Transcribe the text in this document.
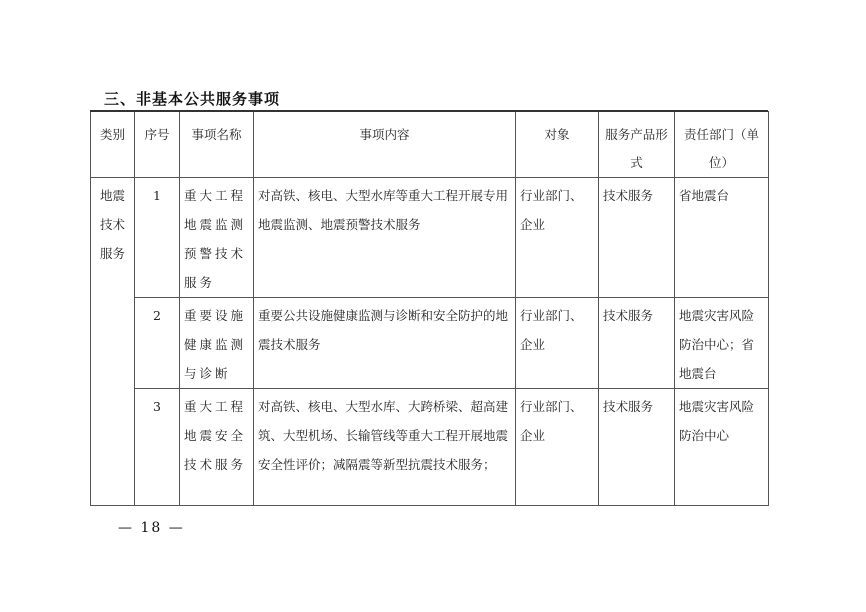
三、非基本公共服务事项
类别	序号	事项名称	事项内容	对象	服务产品形式	责任部门（单位）
地震技术服务	1	重大工程地震监测预警技术服务	对高铁、核电、大型水库等重大工程开展专用地震监测、地震预警技术服务	行业部门、企业	技术服务	省地震台
	2	重要设施健康监测与诊断	重要公共设施健康监测与诊断和安全防护的地震技术服务	行业部门、企业	技术服务	地震灾害风险防治中心；省地震台
	3	重大工程地震安全技术服务	对高铁、核电、大型水库、大跨桥梁、超高建筑、大型机场、长输管线等重大工程开展地震安全性评价；减隔震等新型抗震技术服务；	行业部门、企业	技术服务	地震灾害风险防治中心
— 18 —
